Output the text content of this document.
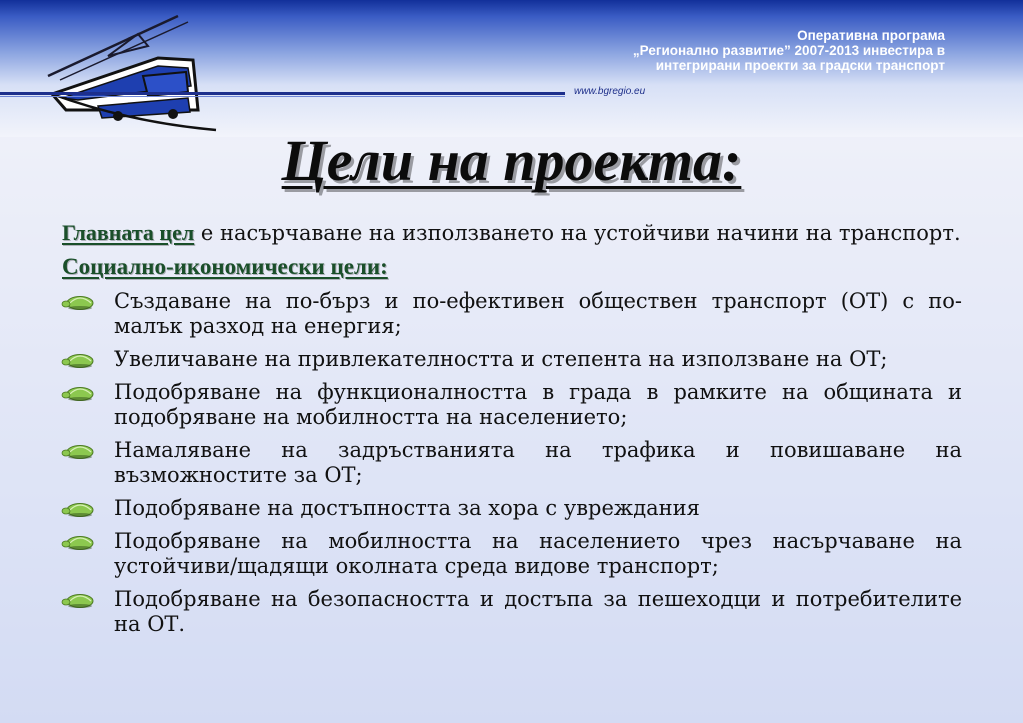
Оперативна програма
„Регионално развитие” 2007-2013 инвестира в
интегрирани проекти за градски транспорт
www.bgregio.eu
Цели на проекта:

Главната цел е насърчаване на използването на устойчиви начини на транспорт.

Социално-икономически цели:

Създаване на по-бърз и по-ефективен обществен транспорт (ОТ) с по-малък разход на енергия;
Увеличаване на привлекателността и степента на използване на ОТ;
Подобряване на функционалността в града в рамките на общината и подобряване на мобилността на населението;
Намаляване на задръстванията на трафика и повишаване на възможностите за ОТ;
Подобряване на достъпността за хора с увреждания
Подобряване на мобилността на населението чрез насърчаване на устойчиви/щадящи околната среда видове транспорт;
Подобряване на безопасността и достъпа за пешеходци и потребителите на ОТ.
